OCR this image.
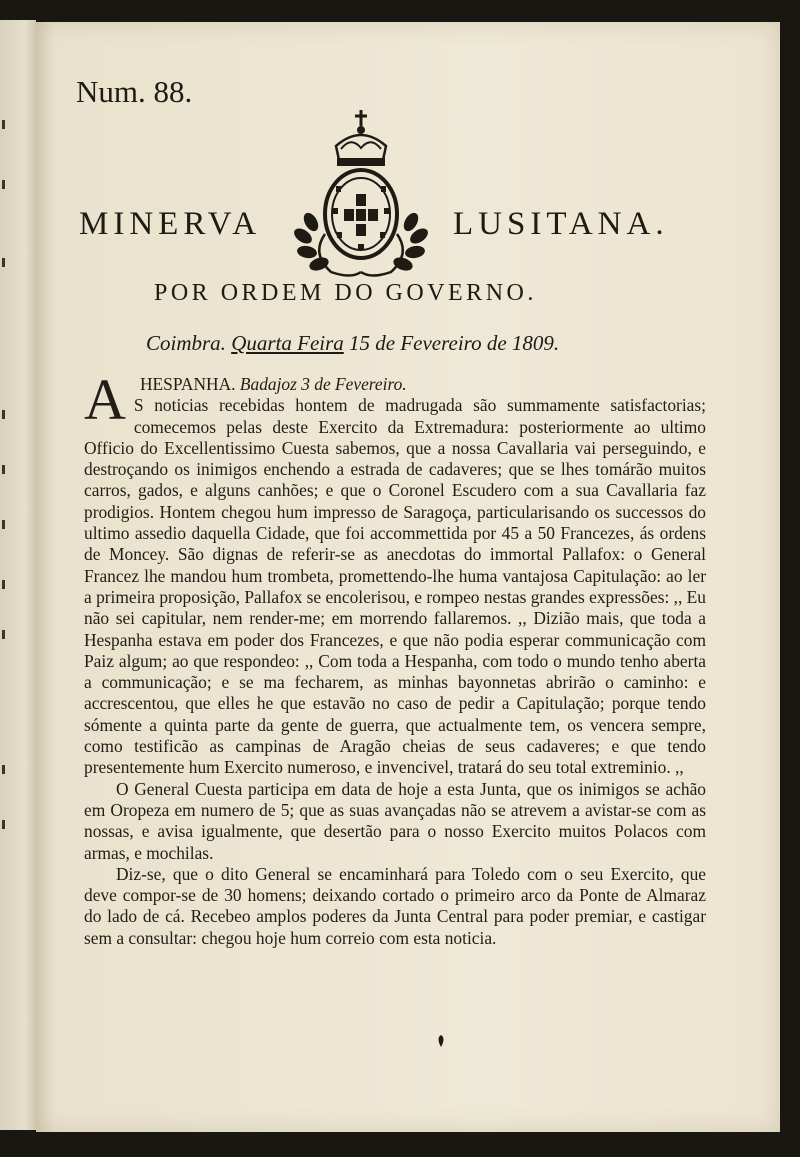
Num. 88.
MINERVA	LUSITANA.
POR ORDEM DO GOVERNO.
Coimbra. Quarta Feira 15 de Fevereiro de 1809.
A HESPANHA. Badajoz 3 de Fevereiro.

S noticias recebidas hontem de madrugada são summamente satisfactorias; comecemos pelas deste Exercito da Extremadura: posteriormente ao ultimo Officio do Excellentissimo Cuesta sabemos, que a nossa Cavallaria vai perseguindo, e destroçando os inimigos enchendo a estrada de cadaveres; que se lhes tomárão muitos carros, gados, e alguns canhões; e que o Coronel Escudero com a sua Cavallaria faz prodigios. Hontem chegou hum impresso de Saragoça, particularisando os successos do ultimo assedio daquella Cidade, que foi accommettida por 45 a 50 Francezes, ás ordens de Moncey. São dignas de referir-se as anecdotas do immortal Pallafox: o General Francez lhe mandou hum trombeta, promettendo-lhe huma vantajosa Capitulação: ao ler a primeira proposição, Pallafox se encolerisou, e rompeo nestas grandes expressões: ,, Eu não sei capitular, nem render-me; em morrendo fallaremos. ,, Dizião mais, que toda a Hespanha estava em poder dos Francezes, e que não podia esperar communicação com Paiz algum; ao que respondeo: ,, Com toda a Hespanha, com todo o mundo tenho aberta a communicação; e se ma fecharem, as minhas bayonnetas abrirão o caminho: e accrescentou, que elles he que estavão no caso de pedir a Capitulação; porque tendo sómente a quinta parte da gente de guerra, que actualmente tem, os vencera sempre, como testificão as campinas de Aragão cheias de seus cadaveres; e que tendo presentemente hum Exercito numeroso, e invencivel, tratará do seu total extreminio. ,,

O General Cuesta participa em data de hoje a esta Junta, que os inimigos se achão em Oropeza em numero de 5; que as suas avançadas não se atrevem a avistar-se com as nossas, e avisa igualmente, que desertão para o nosso Exercito muitos Polacos com armas, e mochilas.

Diz-se, que o dito General se encaminhará para Toledo com o seu Exercito, que deve compor-se de 30 homens; deixando cortado o primeiro arco da Ponte de Almaraz do lado de cá. Recebeo amplos poderes da Junta Central para poder premiar, e castigar sem a consultar: chegou hoje hum correio com esta noticia.
